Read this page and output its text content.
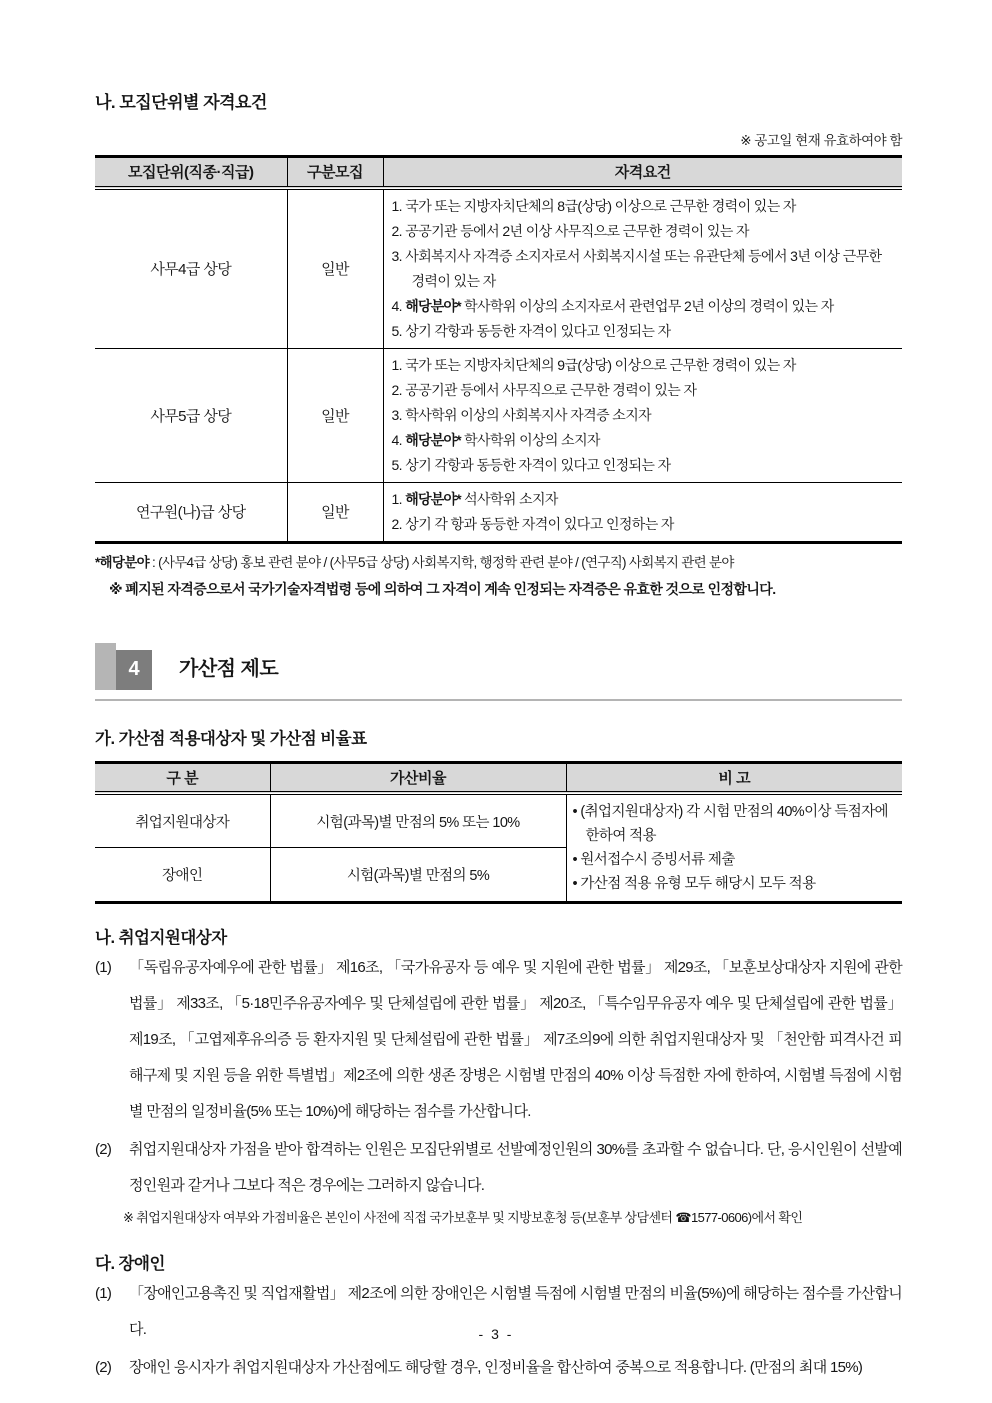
나. 모집단위별 자격요건
※ 공고일 현재 유효하여야 함
모집단위(직종·직급)	구분모집	자격요건
사무4급 상당	일반	1. 국가 또는 지방자치단체의 8급(상당) 이상으로 근무한 경력이 있는 자
2. 공공기관 등에서 2년 이상 사무직으로 근무한 경력이 있는 자
3. 사회복지사 자격증 소지자로서 사회복지시설 또는 유관단체 등에서 3년 이상 근무한 경력이 있는 자
4. 해당분야* 학사학위 이상의 소지자로서 관련업무 2년 이상의 경력이 있는 자
5. 상기 각항과 동등한 자격이 있다고 인정되는 자

사무5급 상당	일반	1. 국가 또는 지방자치단체의 9급(상당) 이상으로 근무한 경력이 있는 자
2. 공공기관 등에서 사무직으로 근무한 경력이 있는 자
3. 학사학위 이상의 사회복지사 자격증 소지자
4. 해당분야* 학사학위 이상의 소지자
5. 상기 각항과 동등한 자격이 있다고 인정되는 자

연구원(나)급 상당	일반	1. 해당분야* 석사학위 소지자
2. 상기 각 항과 동등한 자격이 있다고 인정하는 자
*해당분야 : (사무4급 상당) 홍보 관련 분야 / (사무5급 상당) 사회복지학, 행정학 관련 분야 / (연구직) 사회복지 관련 분야
※ 폐지된 자격증으로서 국가기술자격법령 등에 의하여 그 자격이 계속 인정되는 자격증은 유효한 것으로 인정합니다.
4	가산점 제도
가. 가산점 적용대상자 및 가산점 비율표
구 분	가산비율	비 고
취업지원대상자	시험(과목)별 만점의 5% 또는 10%	• (취업지원대상자) 각 시험 만점의 40%이상 득점자에 한하여 적용
• 원서접수시 증빙서류 제출
• 가산점 적용 유형 모두 해당시 모두 적용

장애인	시험(과목)별 만점의 5%	
나. 취업지원대상자
(1) 「독립유공자예우에 관한 법률」 제16조, 「국가유공자 등 예우 및 지원에 관한 법률」 제29조, 「보훈보상대상자 지원에 관한 법률」 제33조, 「5·18민주유공자예우 및 단체설립에 관한 법률」 제20조, 「특수임무유공자 예우 및 단체설립에 관한 법률」 제19조, 「고엽제후유의증 등 환자지원 및 단체설립에 관한 법률」 제7조의9에 의한 취업지원대상자 및 「천안함 피격사건 피해구제 및 지원 등을 위한 특별법」제2조에 의한 생존 장병은 시험별 만점의 40% 이상 득점한 자에 한하여, 시험별 득점에 시험별 만점의 일정비율(5% 또는 10%)에 해당하는 점수를 가산합니다.
(2) 취업지원대상자 가점을 받아 합격하는 인원은 모집단위별로 선발예정인원의 30%를 초과할 수 없습니다. 단, 응시인원이 선발예정인원과 같거나 그보다 적은 경우에는 그러하지 않습니다.
※ 취업지원대상자 여부와 가점비율은 본인이 사전에 직접 국가보훈부 및 지방보훈청 등(보훈부 상담센터 ☎1577-0606)에서 확인
다. 장애인
(1) 「장애인고용촉진 및 직업재활법」 제2조에 의한 장애인은 시험별 득점에 시험별 만점의 비율(5%)에 해당하는 점수를 가산합니다.
(2) 장애인 응시자가 취업지원대상자 가산점에도 해당할 경우, 인정비율을 합산하여 중복으로 적용합니다. (만점의 최대 15%)
- 3 -
